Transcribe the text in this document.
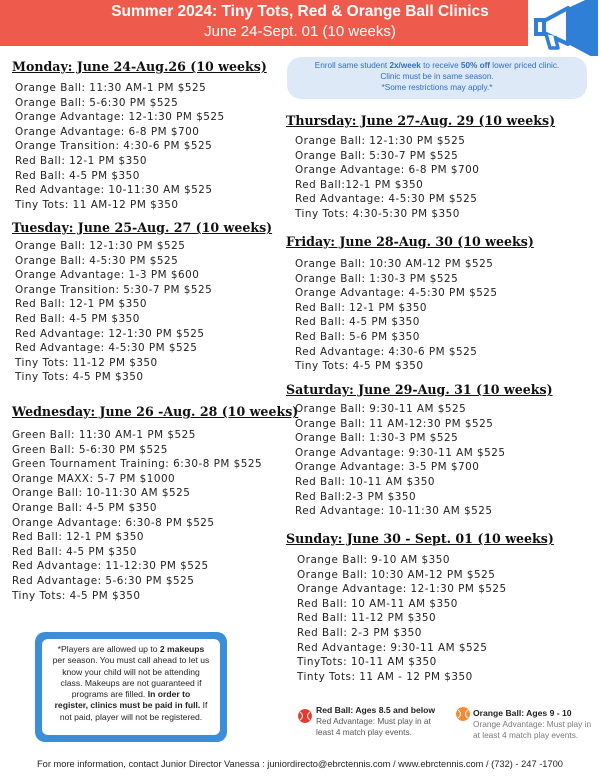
Summer 2024: Tiny Tots, Red & Orange Ball Clinics
June 24-Sept. 01 (10 weeks)
Enroll same student 2x/week to receive 50% off lower priced clinic.
Clinic must be in same season.
*Some restrictions may apply.*
Monday: June 24-Aug.26 (10 weeks)
Orange Ball: 11:30 AM-1 PM $525
Orange Ball: 5-6:30 PM $525
Orange Advantage: 12-1:30 PM $525
Orange Advantage: 6-8 PM $700
Orange Transition: 4:30-6 PM $525
Red Ball: 12-1 PM $350
Red Ball: 4-5 PM $350
Red Advantage: 10-11:30 AM $525
Tiny Tots: 11 AM-12 PM $350
Tuesday: June 25-Aug. 27 (10 weeks)
Orange Ball: 12-1:30 PM $525
Orange Ball: 4-5:30 PM $525
Orange Advantage: 1-3 PM $600
Orange Transition: 5:30-7 PM $525
Red Ball: 12-1 PM $350
Red Ball: 4-5 PM $350
Red Advantage: 12-1:30 PM $525
Red Advantage: 4-5:30 PM $525
Tiny Tots: 11-12 PM $350
Tiny Tots: 4-5 PM $350
Wednesday: June 26 -Aug. 28 (10 weeks)
Green Ball: 11:30 AM-1 PM $525
Green Ball: 5-6:30 PM $525
Green Tournament Training: 6:30-8 PM $525
Orange MAXX: 5-7 PM $1000
Orange Ball: 10-11:30 AM $525
Orange Ball: 4-5 PM $350
Orange Advantage: 6:30-8 PM $525
Red Ball: 12-1 PM $350
Red Ball: 4-5 PM $350
Red Advantage: 11-12:30 PM $525
Red Advantage: 5-6:30 PM $525
Tiny Tots: 4-5 PM $350
Thursday: June 27-Aug. 29 (10 weeks)
Orange Ball: 12-1:30 PM $525
Orange Ball: 5:30-7 PM $525
Orange Advantage: 6-8 PM $700
Red Ball:12-1 PM $350
Red Advantage: 4-5:30 PM $525
Tiny Tots: 4:30-5:30 PM $350
Friday: June 28-Aug. 30 (10 weeks)
Orange Ball: 10:30 AM-12 PM $525
Orange Ball: 1:30-3 PM $525
Orange Advantage: 4-5:30 PM $525
Red Ball: 12-1 PM $350
Red Ball: 4-5 PM $350
Red Ball: 5-6 PM $350
Red Advantage: 4:30-6 PM $525
Tiny Tots: 4-5 PM $350
Saturday: June 29-Aug. 31 (10 weeks)
Orange Ball: 9:30-11 AM $525
Orange Ball: 11 AM-12:30 PM $525
Orange Ball: 1:30-3 PM $525
Orange Advantage: 9:30-11 AM $525
Orange Advantage: 3-5 PM $700
Red Ball: 10-11 AM $350
Red Ball:2-3 PM $350
Red Advantage: 10-11:30 AM $525
Sunday: June 30 - Sept. 01 (10 weeks)
Orange Ball: 9-10 AM $350
Orange Ball: 10:30 AM-12 PM $525
Orange Advantage: 12-1:30 PM $525
Red Ball: 10 AM-11 AM $350
Red Ball: 11-12 PM $350
Red Ball: 2-3 PM $350
Red Advantage: 9:30-11 AM $525
TinyTots: 10-11 AM $350
Tinty Tots: 11 AM - 12 PM $350
*Players are allowed up to 2 makeups
per season. You must call ahead to let us
know your child will not be attending
class. Makeups are not guaranteed if
programs are filled. In order to
register, clinics must be paid in full. If
not paid, player will not be registered.
Red Ball: Ages 8.5 and below
Red Advantage: Must play in at
least 4 match play events.
Orange Ball: Ages 9 - 10
Orange Advantage: Must play in
at least 4 match play events.
For more information, contact Junior Director Vanessa : juniordirecto@ebrctennis.com / www.ebrctennis.com / (732) - 247 -1700
